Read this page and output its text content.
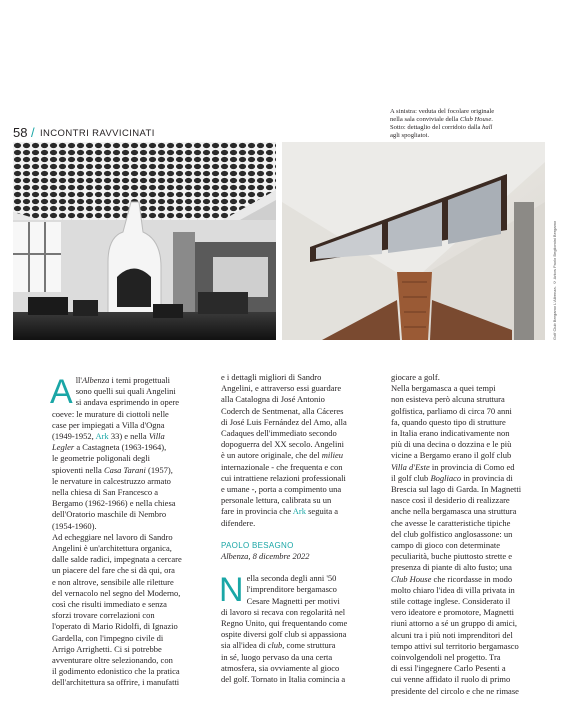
58 / INCONTRI RAVVICINATI
A sinistra: veduta del focolare originale
nella sala conviviale della Club House.
Sotto: dettaglio del corridoio dalla hall
agli spogliatoi.
Golf Club Bergamo L'Albenza. © Arkos Paolo Begliomini Bergamo
A ll'Albenza i temi progettuali

sono quelli sui quali Angelini

si andava esprimendo in opere

coeve: le murature di ciottoli nelle

case per impiegati a Villa d'Ogna

(1949-1952, Ark 33) e nella Villa

Legler a Castagneta (1963-1964),

le geometrie poligonali degli

spioventi nella Casa Tarani (1957),

le nervature in calcestruzzo armato

nella chiesa di San Francesco a

Bergamo (1962-1966) e nella chiesa

dell'Oratorio maschile di Nembro

(1954-1960).

Ad echeggiare nel lavoro di Sandro

Angelini è un'architettura organica,

dalle salde radici, impegnata a cercare

un piacere del fare che si dà qui, ora

e non altrove, sensibile alle riletture

del vernacolo nel segno del Moderno,

così che risulti immediato e senza

sforzi trovare correlazioni con

l'operato di Mario Ridolfi, di Ignazio

Gardella, con l'impegno civile di

Arrigo Arrighetti. Ci si potrebbe

avventurare oltre selezionando, con

il godimento edonistico che la pratica

dell'architettura sa offrire, i manufatti

e i dettagli migliori di Sandro

Angelini, e attraverso essi guardare

alla Catalogna di José Antonio

Coderch de Sentmenat, alla Cáceres

di José Luis Fernández del Amo, alla

Cadaques dell'immediato secondo

dopoguerra del XX secolo. Angelini

è un autore originale, che del milieu

internazionale - che frequenta e con

cui intrattiene relazioni professionali

e umane -, porta a compimento una

personale lettura, calibrata su un

fare in provincia che Ark seguita a

difendere.

PAOLO BESAGNO

Albenza, 8 dicembre 2022

N ella seconda degli anni '50

l'imprenditore bergamasco

Cesare Magnetti per motivi

di lavoro si recava con regolarità nel

Regno Unito, qui frequentando come

ospite diversi golf club si appassiona

sia all'idea di club, come struttura

in sé, luogo pervaso da una certa

atmosfera, sia ovviamente al gioco

del golf. Tornato in Italia comincia a

giocare a golf.

Nella bergamasca a quei tempi

non esisteva però alcuna struttura

golfistica, parliamo di circa 70 anni

fa, quando questo tipo di strutture

in Italia erano indicativamente non

più di una decina o dozzina e le più

vicine a Bergamo erano il golf club

Villa d'Este in provincia di Como ed

il golf club Bogliaco in provincia di

Brescia sul lago di Garda. In Magnetti

nasce così il desiderio di realizzare

anche nella bergamasca una struttura

che avesse le caratteristiche tipiche

del club golfistico anglosassone: un

campo di gioco con determinate

peculiarità, buche piuttosto strette e

presenza di piante di alto fusto; una

Club House che ricordasse in modo

molto chiaro l'idea di villa privata in

stile cottage inglese. Considerato il

vero ideatore e promotore, Magnetti

riunì attorno a sé un gruppo di amici,

alcuni tra i più noti imprenditori del

tempo attivi sul territorio bergamasco

coinvolgendoli nel progetto. Tra

di essi l'ingegnere Carlo Pesenti a

cui venne affidato il ruolo di primo

presidente del circolo e che ne rimase
